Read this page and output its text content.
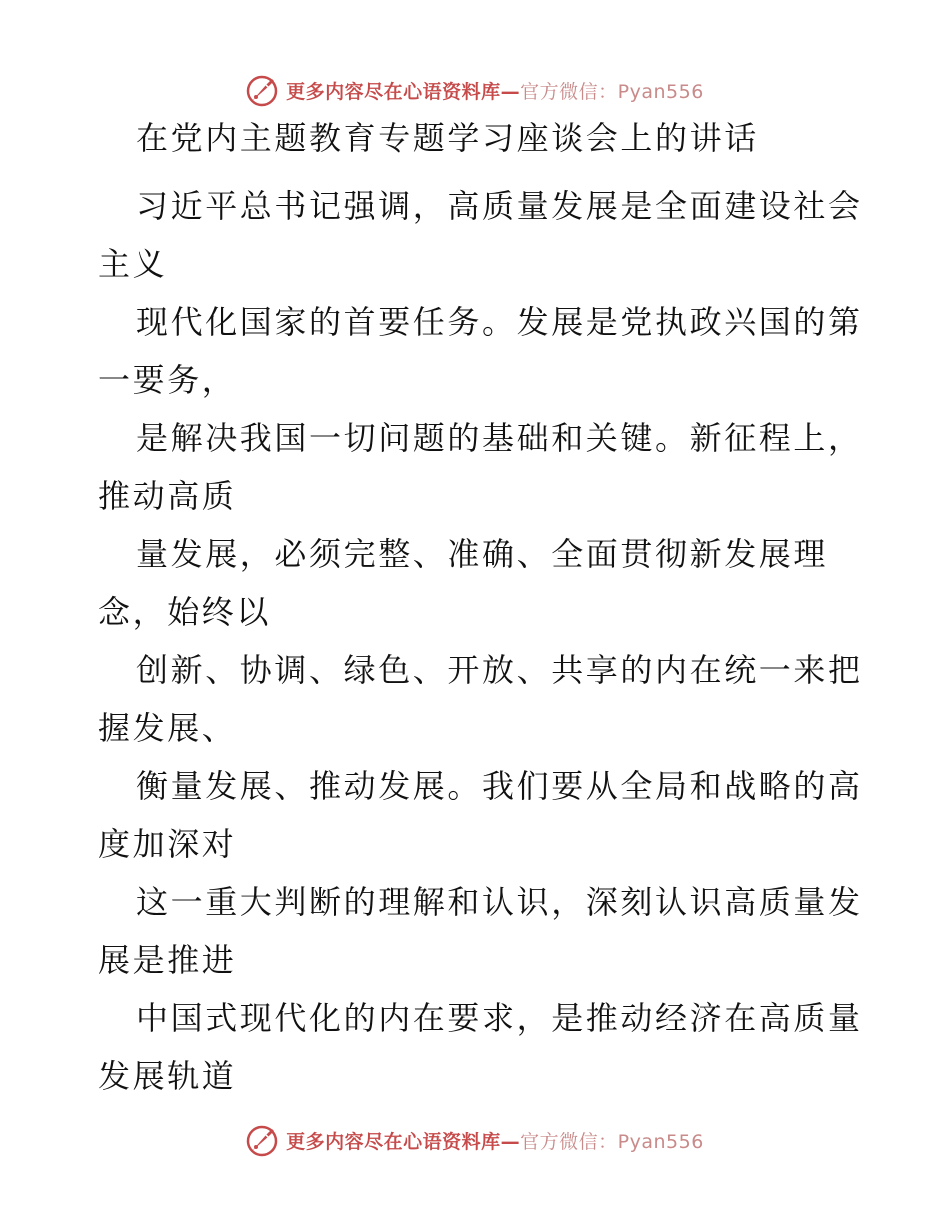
更多内容尽在心语资料库—官方微信：Pyan556

在党内主题教育专题学习座谈会上的讲话

习近平总书记强调，高质量发展是全面建设社会

主义

现代化国家的首要任务。发展是党执政兴国的第

一要务，

是解决我国一切问题的基础和关键。新征程上，

推动高质

量发展，必须完整、准确、全面贯彻新发展理

念，始终以

创新、协调、绿色、开放、共享的内在统一来把

握发展、

衡量发展、推动发展。我们要从全局和战略的高

度加深对

这一重大判断的理解和认识，深刻认识高质量发

展是推进

中国式现代化的内在要求，是推动经济在高质量

发展轨道

更多内容尽在心语资料库—官方微信：Pyan556
